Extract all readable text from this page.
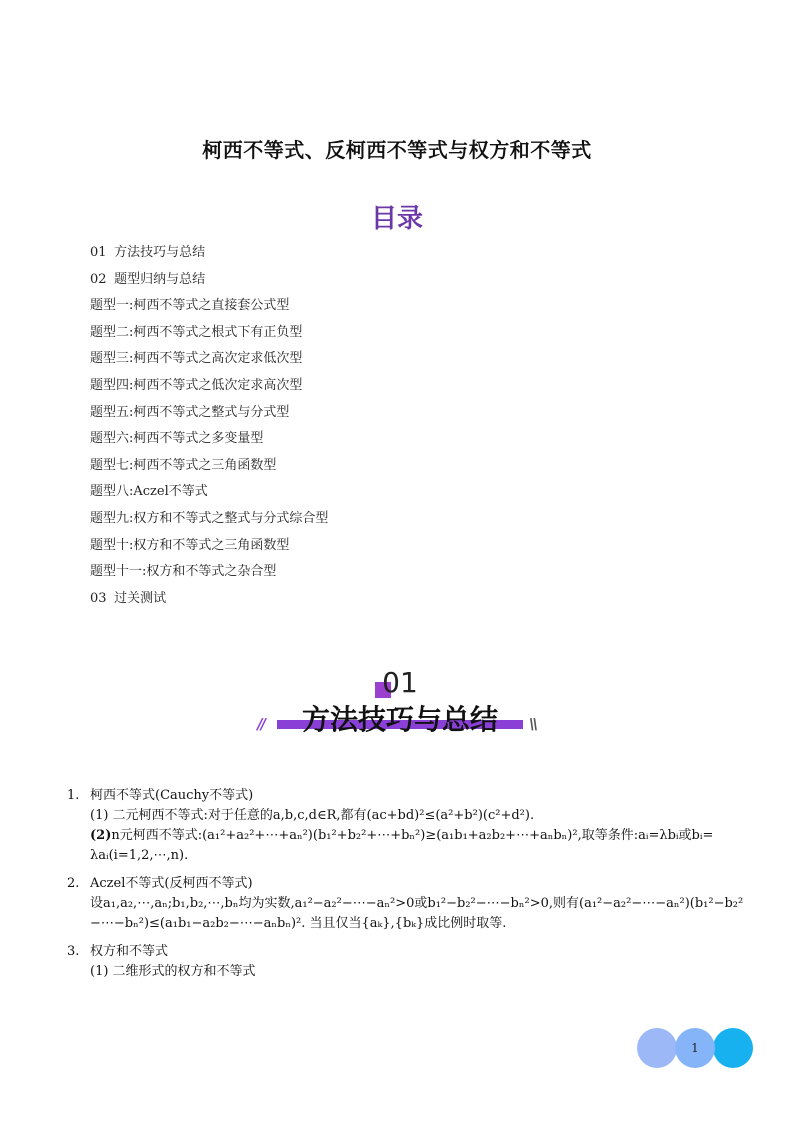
柯西不等式、反柯西不等式与权方和不等式
目录
01 方法技巧与总结
02 题型归纳与总结
题型一:柯西不等式之直接套公式型
题型二:柯西不等式之根式下有正负型
题型三:柯西不等式之高次定求低次型
题型四:柯西不等式之低次定求高次型
题型五:柯西不等式之整式与分式型
题型六:柯西不等式之多变量型
题型七:柯西不等式之三角函数型
题型八:Aczel不等式
题型九:权方和不等式之整式与分式综合型
题型十:权方和不等式之三角函数型
题型十一:权方和不等式之杂合型
03 过关测试
01
方法技巧与总结
//	\\
1. 柯西不等式(Cauchy不等式)
(1) 二元柯西不等式:对于任意的a,b,c,d∈R,都有(ac+bd)²≤(a²+b²)(c²+d²).
(2)n元柯西不等式:(a₁²+a₂²+⋯+aₙ²)(b₁²+b₂²+⋯+bₙ²)≥(a₁b₁+a₂b₂+⋯+aₙbₙ)²,取等条件:aᵢ=λbᵢ或bᵢ=
λaᵢ(i=1,2,⋯,n).
2. Aczel不等式(反柯西不等式)
设a₁,a₂,⋯,aₙ;b₁,b₂,⋯,bₙ均为实数,a₁²−a₂²−⋯−aₙ²>0或b₁²−b₂²−⋯−bₙ²>0,则有(a₁²−a₂²−⋯−aₙ²)(b₁²−b₂²
−⋯−bₙ²)≤(a₁b₁−a₂b₂−⋯−aₙbₙ)². 当且仅当{aₖ},{bₖ}成比例时取等.
3. 权方和不等式
(1) 二维形式的权方和不等式
1
